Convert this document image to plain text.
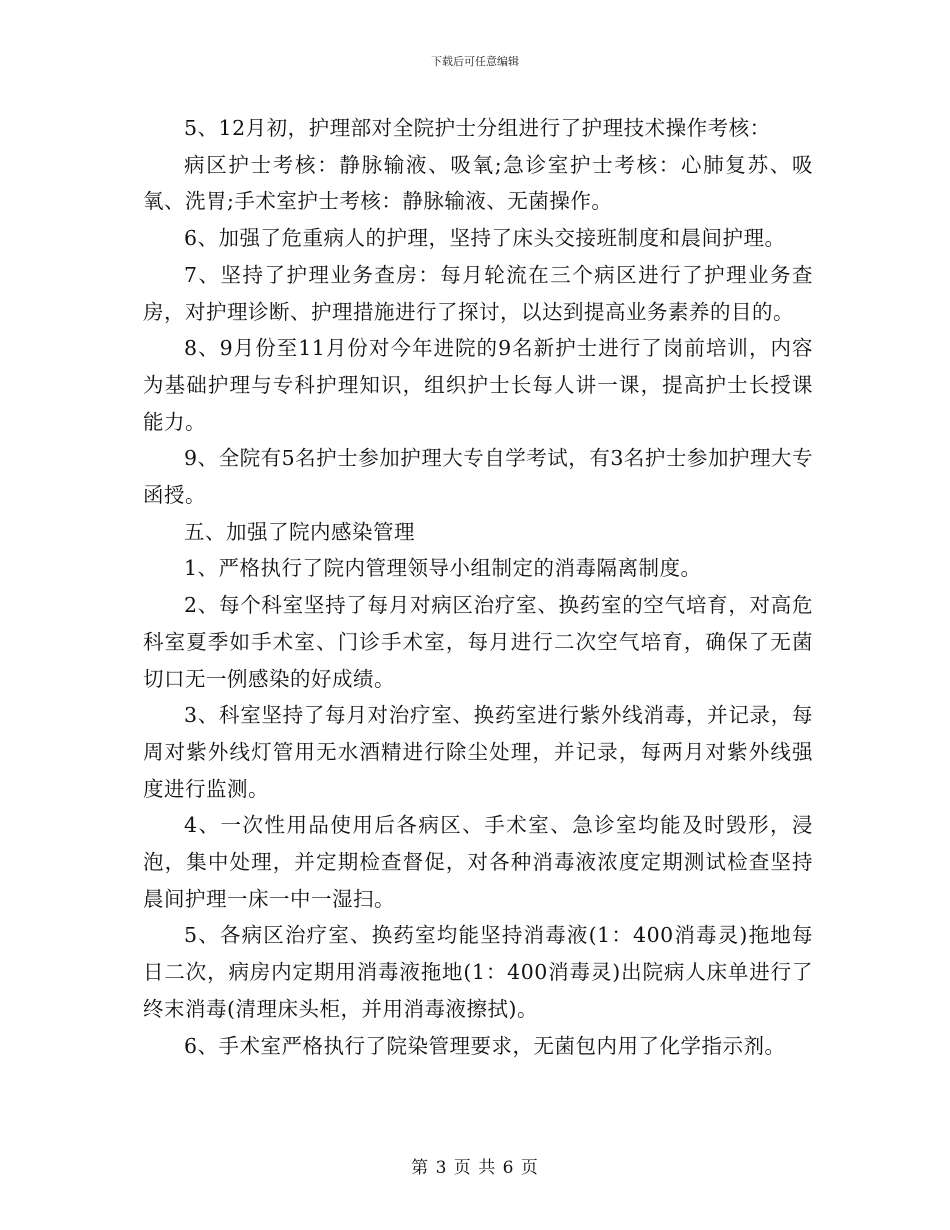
下载后可任意编辑

5、12月初，护理部对全院护士分组进行了护理技术操作考核：

病区护士考核：静脉输液、吸氧;急诊室护士考核：心肺复苏、吸氧、洗胃;手术室护士考核：静脉输液、无菌操作。

6、加强了危重病人的护理，坚持了床头交接班制度和晨间护理。

7、坚持了护理业务查房：每月轮流在三个病区进行了护理业务查房，对护理诊断、护理措施进行了探讨，以达到提高业务素养的目的。

8、9月份至11月份对今年进院的9名新护士进行了岗前培训，内容为基础护理与专科护理知识，组织护士长每人讲一课，提高护士长授课能力。

9、全院有5名护士参加护理大专自学考试，有3名护士参加护理大专函授。

五、加强了院内感染管理

1、严格执行了院内管理领导小组制定的消毒隔离制度。

2、每个科室坚持了每月对病区治疗室、换药室的空气培育，对高危科室夏季如手术室、门诊手术室，每月进行二次空气培育，确保了无菌切口无一例感染的好成绩。

3、科室坚持了每月对治疗室、换药室进行紫外线消毒，并记录，每周对紫外线灯管用无水酒精进行除尘处理，并记录，每两月对紫外线强度进行监测。

4、一次性用品使用后各病区、手术室、急诊室均能及时毁形，浸泡，集中处理，并定期检查督促，对各种消毒液浓度定期测试检查坚持晨间护理一床一中一湿扫。

5、各病区治疗室、换药室均能坚持消毒液(1：400消毒灵)拖地每日二次，病房内定期用消毒液拖地(1：400消毒灵)出院病人床单进行了终末消毒(清理床头柜，并用消毒液擦拭)。

6、手术室严格执行了院染管理要求，无菌包内用了化学指示剂。

第 3 页 共 6 页
